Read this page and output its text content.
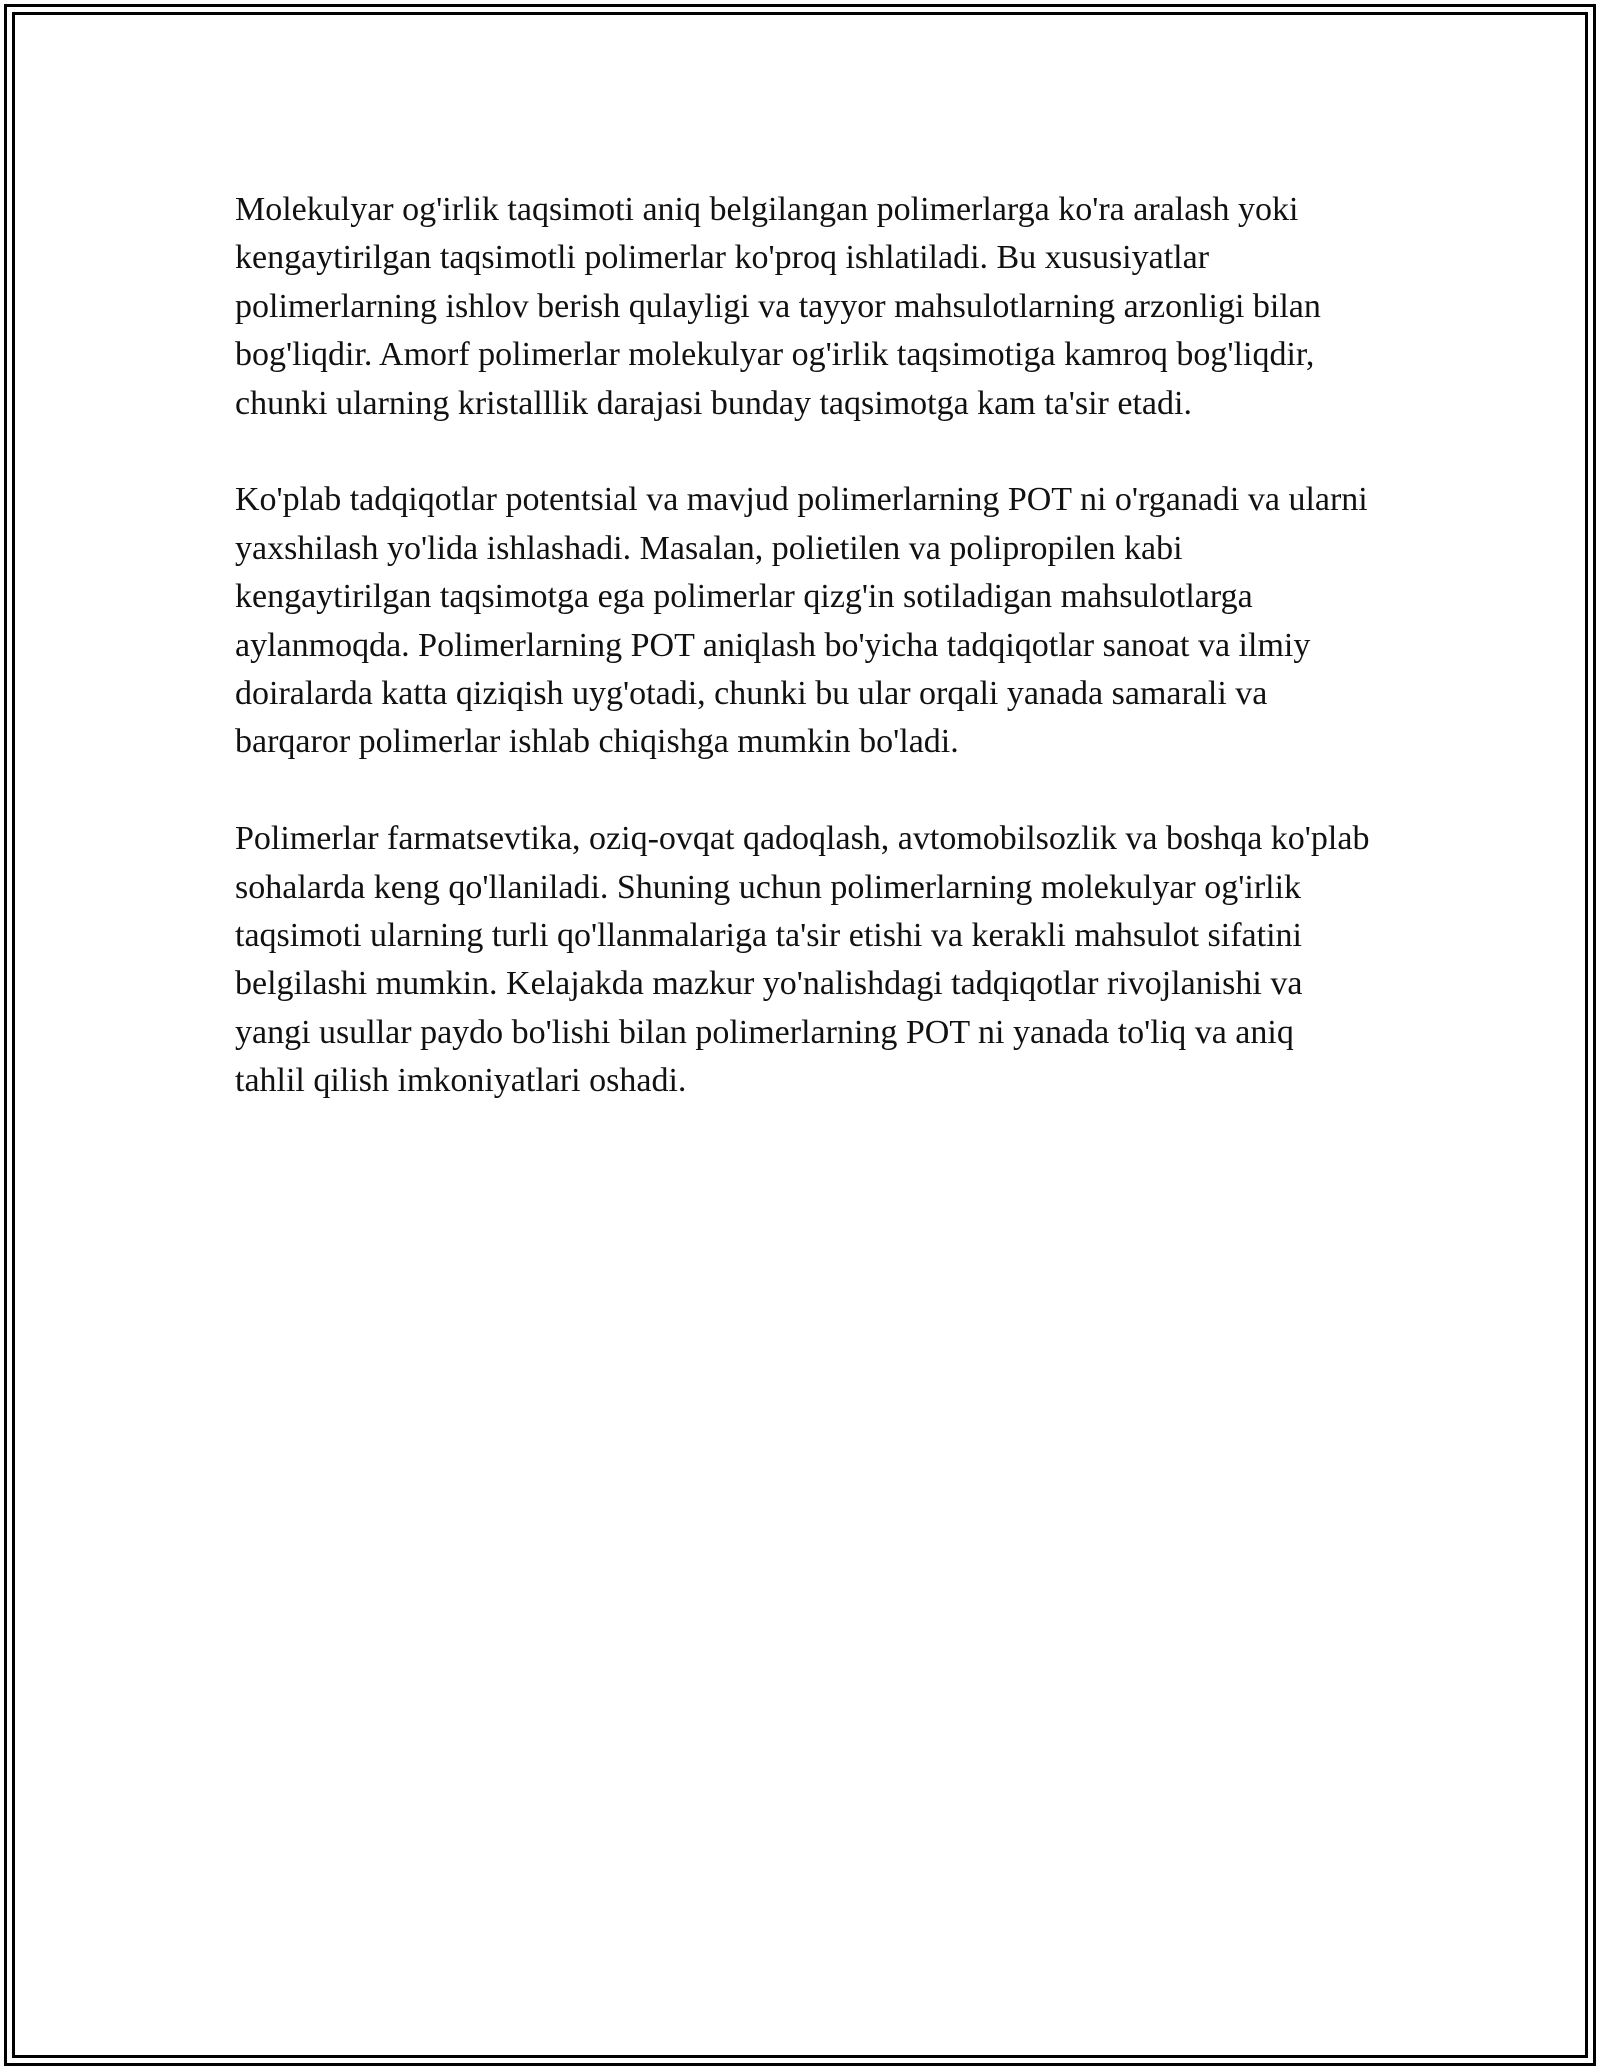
Molekulyar og'irlik taqsimoti aniq belgilangan polimerlarga ko'ra aralash yoki kengaytirilgan taqsimotli polimerlar ko'proq ishlatiladi. Bu xususiyatlar polimerlarning ishlov berish qulayligi va tayyor mahsulotlarning arzonligi bilan bog'liqdir. Amorf polimerlar molekulyar og'irlik taqsimotiga kamroq bog'liqdir, chunki ularning kristalllik darajasi bunday taqsimotga kam ta'sir etadi.

Ko'plab tadqiqotlar potentsial va mavjud polimerlarning POT ni o'rganadi va ularni yaxshilash yo'lida ishlashadi. Masalan, polietilen va polipropilen kabi kengaytirilgan taqsimotga ega polimerlar qizg'in sotiladigan mahsulotlarga aylanmoqda. Polimerlarning POT aniqlash bo'yicha tadqiqotlar sanoat va ilmiy doiralarda katta qiziqish uyg'otadi, chunki bu ular orqali yanada samarali va barqaror polimerlar ishlab chiqishga mumkin bo'ladi.

Polimerlar farmatsevtika, oziq-ovqat qadoqlash, avtomobilsozlik va boshqa ko'plab sohalarda keng qo'llaniladi. Shuning uchun polimerlarning molekulyar og'irlik taqsimoti ularning turli qo'llanmalariga ta'sir etishi va kerakli mahsulot sifatini belgilashi mumkin. Kelajakda mazkur yo'nalishdagi tadqiqotlar rivojlanishi va yangi usullar paydo bo'lishi bilan polimerlarning POT ni yanada to'liq va aniq tahlil qilish imkoniyatlari oshadi.
